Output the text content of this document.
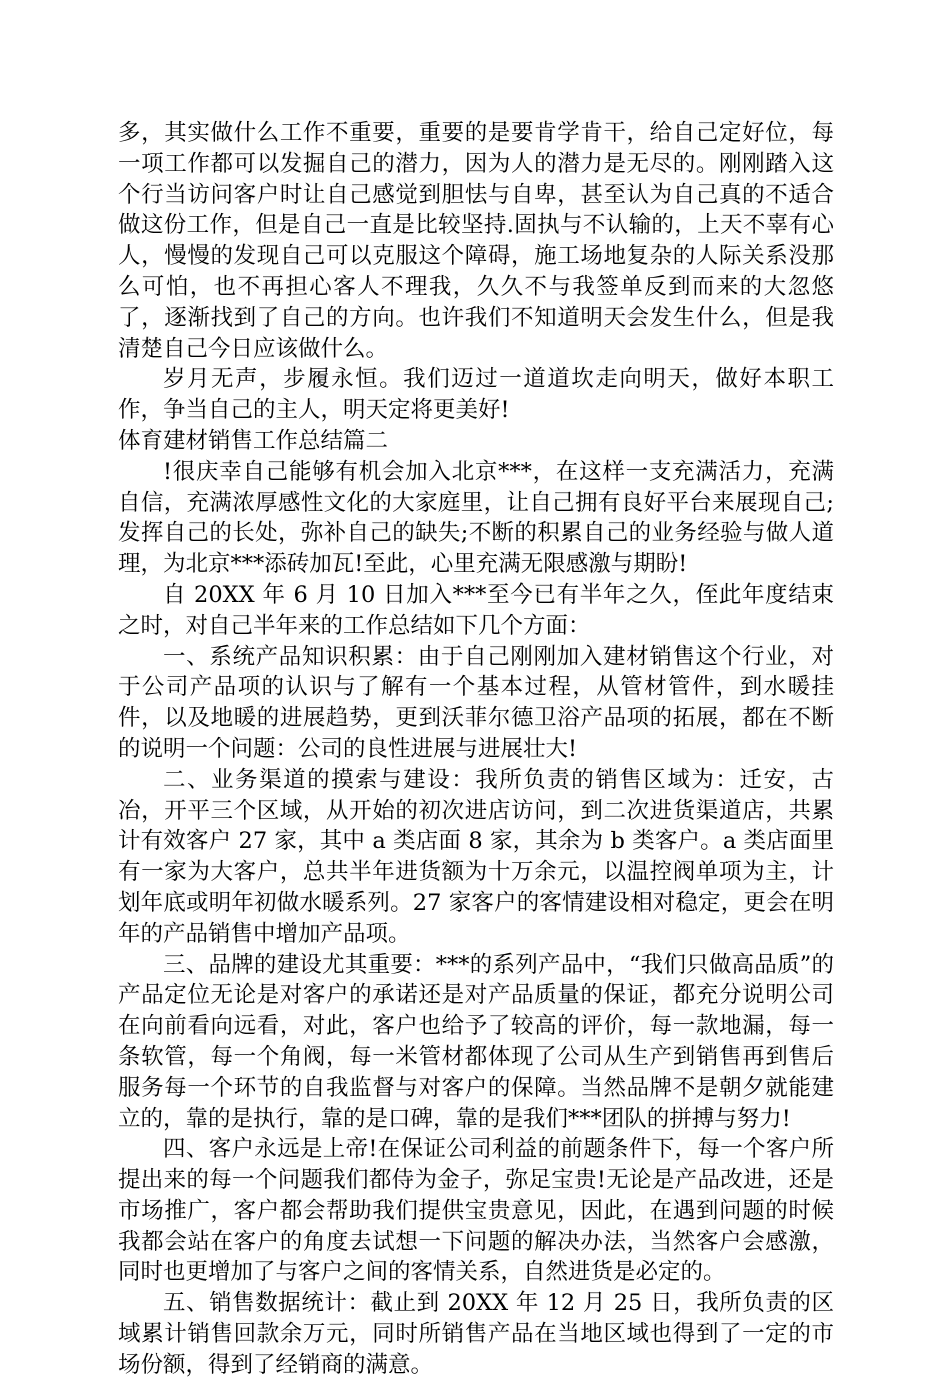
多，其实做什么工作不重要，重要的是要肯学肯干，给自己定好位，每一项工作都可以发掘自己的潜力，因为人的潜力是无尽的。刚刚踏入这个行当访问客户时让自己感觉到胆怯与自卑，甚至认为自己真的不适合做这份工作，但是自己一直是比较坚持.固执与不认输的，上天不辜有心人，慢慢的发现自己可以克服这个障碍，施工场地复杂的人际关系没那么可怕，也不再担心客人不理我，久久不与我签单反到而来的大忽悠了，逐渐找到了自己的方向。也许我们不知道明天会发生什么，但是我清楚自己今日应该做什么。

岁月无声，步履永恒。我们迈过一道道坎走向明天，做好本职工作，争当自己的主人，明天定将更美好!

体育建材销售工作总结篇二

!很庆幸自己能够有机会加入北京***，在这样一支充满活力，充满自信，充满浓厚感性文化的大家庭里，让自己拥有良好平台来展现自己;发挥自己的长处，弥补自己的缺失;不断的积累自己的业务经验与做人道理，为北京***添砖加瓦!至此，心里充满无限感激与期盼!

自 20XX 年 6 月 10 日加入***至今已有半年之久，侄此年度结束之时，对自己半年来的工作总结如下几个方面：

一、系统产品知识积累：由于自己刚刚加入建材销售这个行业，对于公司产品项的认识与了解有一个基本过程，从管材管件，到水暖挂件，以及地暖的进展趋势，更到沃菲尔德卫浴产品项的拓展，都在不断的说明一个问题：公司的良性进展与进展壮大!

二、业务渠道的摸索与建设：我所负责的销售区域为：迁安，古冶，开平三个区域，从开始的初次进店访问，到二次进货渠道店，共累计有效客户 27 家，其中 a 类店面 8 家，其余为 b 类客户。a 类店面里有一家为大客户，总共半年进货额为十万余元，以温控阀单项为主，计划年底或明年初做水暖系列。27 家客户的客情建设相对稳定，更会在明年的产品销售中增加产品项。

三、品牌的建设尤其重要：***的系列产品中，“我们只做高品质”的产品定位无论是对客户的承诺还是对产品质量的保证，都充分说明公司在向前看向远看，对此，客户也给予了较高的评价，每一款地漏，每一条软管，每一个角阀，每一米管材都体现了公司从生产到销售再到售后服务每一个环节的自我监督与对客户的保障。当然品牌不是朝夕就能建立的，靠的是执行，靠的是口碑，靠的是我们***团队的拼搏与努力!

四、客户永远是上帝!在保证公司利益的前题条件下，每一个客户所提出来的每一个问题我们都侍为金子，弥足宝贵!无论是产品改进，还是市场推广，客户都会帮助我们提供宝贵意见，因此，在遇到问题的时候我都会站在客户的角度去试想一下问题的解决办法，当然客户会感激，同时也更增加了与客户之间的客情关系，自然进货是必定的。

五、销售数据统计：截止到 20XX 年 12 月 25 日，我所负责的区域累计销售回款余万元，同时所销售产品在当地区域也得到了一定的市场份额，得到了经销商的满意。
